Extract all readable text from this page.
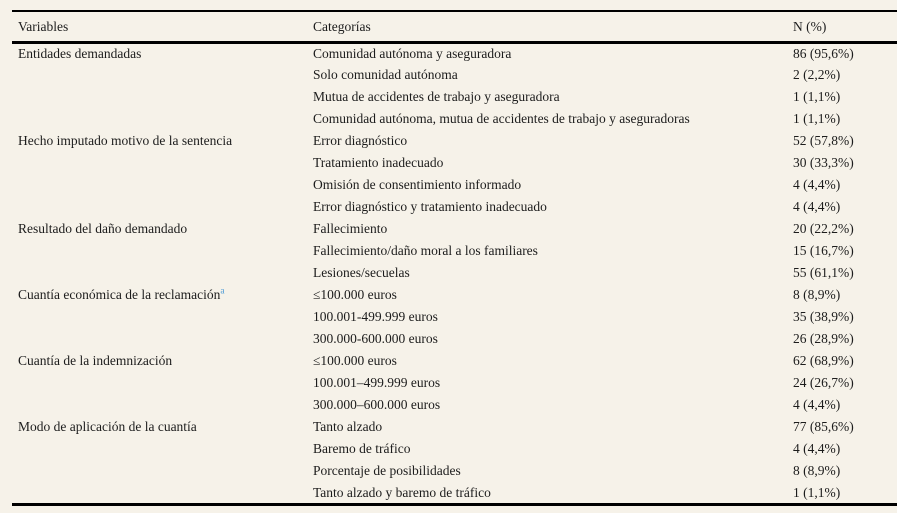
Variables	Categorías	N (%)
Entidades demandadas	Comunidad autónoma y aseguradora	86 (95,6%)
	Solo comunidad autónoma	2 (2,2%)
	Mutua de accidentes de trabajo y aseguradora	1 (1,1%)
	Comunidad autónoma, mutua de accidentes de trabajo y aseguradoras	1 (1,1%)
Hecho imputado motivo de la sentencia	Error diagnóstico	52 (57,8%)
	Tratamiento inadecuado	30 (33,3%)
	Omisión de consentimiento informado	4 (4,4%)
	Error diagnóstico y tratamiento inadecuado	4 (4,4%)
Resultado del daño demandado	Fallecimiento	20 (22,2%)
	Fallecimiento/daño moral a los familiares	15 (16,7%)
	Lesiones/secuelas	55 (61,1%)
Cuantía económica de la reclamación$^a$	≤100.000 euros	8 (8,9%)
	100.001-499.999 euros	35 (38,9%)
	300.000-600.000 euros	26 (28,9%)
Cuantía de la indemnización	≤100.000 euros	62 (68,9%)
	100.001–499.999 euros	24 (26,7%)
	300.000–600.000 euros	4 (4,4%)
Modo de aplicación de la cuantía	Tanto alzado	77 (85,6%)
	Baremo de tráfico	4 (4,4%)
	Porcentaje de posibilidades	8 (8,9%)
	Tanto alzado y baremo de tráfico	1 (1,1%)
